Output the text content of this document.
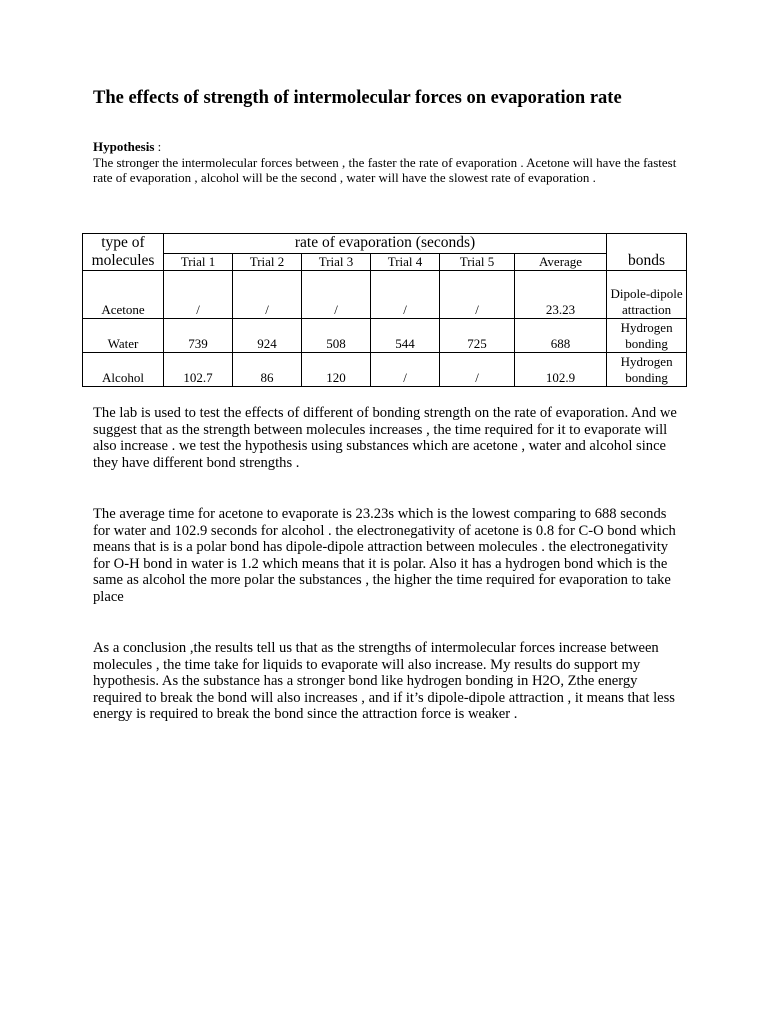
The effects of strength of intermolecular forces on evaporation rate
Hypothesis :
The stronger the intermolecular forces between , the faster the rate of evaporation . Acetone will have the fastest rate of evaporation , alcohol will be the second , water will have the slowest rate of evaporation .
type of molecules	rate of evaporation (seconds)						bonds
	Trial 1	Trial 2	Trial 3	Trial 4	Trial 5	Average	
Acetone	/	/	/	/	/	23.23	Dipole-dipole attraction
Water	739	924	508	544	725	688	Hydrogen bonding
Alcohol	102.7	86	120	/	/	102.9	Hydrogen bonding
The lab is used to test the effects of different of bonding strength on the rate of evaporation. And we suggest that as the strength between molecules increases , the time required for it to evaporate will also increase . we test the hypothesis using substances which are acetone , water and alcohol since they have different bond strengths .
The average time for acetone to evaporate is 23.23s which is the lowest comparing to 688 seconds for water and 102.9 seconds for alcohol . the electronegativity of acetone is 0.8 for C-O bond which means that is is a polar bond has dipole-dipole attraction between molecules . the electronegativity for O-H bond in water is 1.2 which means that it is polar. Also it has a hydrogen bond which is the same as alcohol the more polar the substances , the higher the time required for evaporation to take place
As a conclusion ,the results tell us that as the strengths of intermolecular forces increase between molecules , the time take for liquids to evaporate will also increase. My results do support my hypothesis. As the substance has a stronger bond like hydrogen bonding in H2O, Zthe energy required to break the bond will also increases , and if it’s dipole-dipole attraction , it means that less energy is required to break the bond since the attraction force is weaker .
